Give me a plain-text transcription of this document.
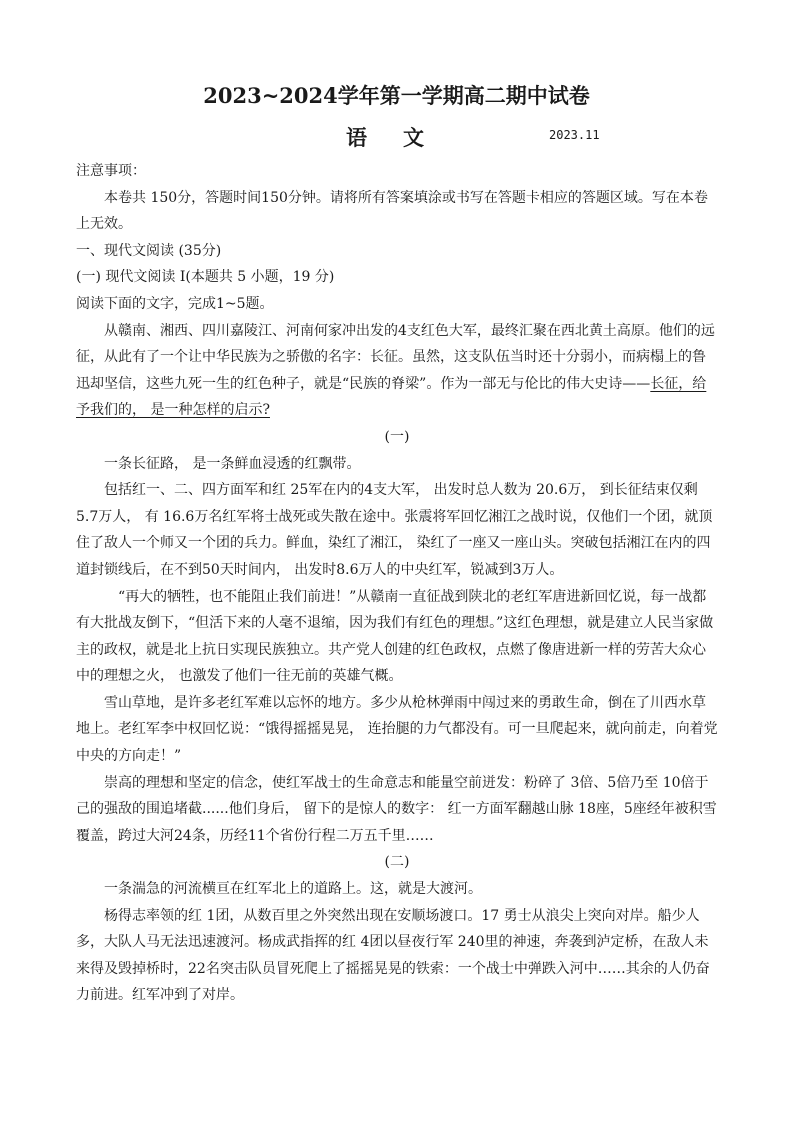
2023~2024学年第一学期高二期中试卷
语文	2023.11

注意事项：

本卷共 150分，答题时间150分钟。请将所有答案填涂或书写在答题卡相应的答题区域。写在本卷上无效。

一、现代文阅读 (35分)

(一) 现代文阅读 I(本题共 5 小题，19 分)

阅读下面的文字，完成1~5题。

从赣南、湘西、四川嘉陵江、河南何家冲出发的4支红色大军，最终汇聚在西北黄土高原。他们的远征，从此有了一个让中华民族为之骄傲的名字：长征。虽然，这支队伍当时还十分弱小，而病榻上的鲁迅却坚信，这些九死一生的红色种子，就是“民族的脊梁”。作为一部无与伦比的伟大史诗——长征，给予我们的， 是一种怎样的启示?

(一)

一条长征路， 是一条鲜血浸透的红飘带。

包括红一、二、四方面军和红 25军在内的4支大军， 出发时总人数为 20.6万， 到长征结束仅剩 5.7万人， 有 16.6万名红军将士战死或失散在途中。张震将军回忆湘江之战时说，仅他们一个团，就顶住了敌人一个师又一个团的兵力。鲜血，染红了湘江， 染红了一座又一座山头。突破包括湘江在内的四道封锁线后，在不到50天时间内， 出发时8.6万人的中央红军，锐减到3万人。

“再大的牺牲，也不能阻止我们前进！”从赣南一直征战到陕北的老红军唐进新回忆说，每一战都有大批战友倒下，“但活下来的人毫不退缩，因为我们有红色的理想。”这红色理想，就是建立人民当家做主的政权，就是北上抗日实现民族独立。共产党人创建的红色政权，点燃了像唐进新一样的劳苦大众心中的理想之火， 也激发了他们一往无前的英雄气概。

雪山草地，是许多老红军难以忘怀的地方。多少从枪林弹雨中闯过来的勇敢生命，倒在了川西水草地上。老红军李中权回忆说：“饿得摇摇晃晃， 连抬腿的力气都没有。可一旦爬起来，就向前走，向着党中央的方向走！”

崇高的理想和坚定的信念，使红军战士的生命意志和能量空前迸发：粉碎了 3倍、5倍乃至 10倍于己的强敌的围追堵截......他们身后， 留下的是惊人的数字： 红一方面军翻越山脉 18座，5座经年被积雪覆盖，跨过大河24条，历经11个省份行程二万五千里……

(二)

一条湍急的河流横亘在红军北上的道路上。这，就是大渡河。

杨得志率领的红 1团，从数百里之外突然出现在安顺场渡口。17 勇士从浪尖上突向对岸。船少人多，大队人马无法迅速渡河。杨成武指挥的红 4团以昼夜行军 240里的神速，奔袭到泸定桥，在敌人未来得及毁掉桥时，22名突击队员冒死爬上了摇摇晃晃的铁索：一个战士中弹跌入河中……其余的人仍奋力前进。红军冲到了对岸。
